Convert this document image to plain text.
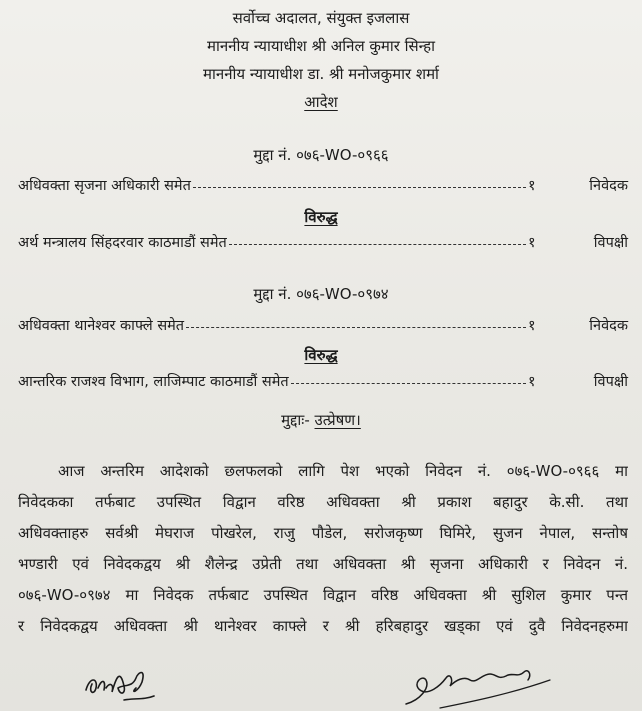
सर्वोच्च अदालत, संयुक्त इजलास
माननीय न्यायाधीश श्री अनिल कुमार सिन्हा
माननीय न्यायाधीश डा. श्री मनोजकुमार शर्मा
आदेश
मुद्दा नं. ०७६-WO-०९६६
अधिवक्ता सृजना अधिकारी समेत	१	निवेदक
विरुद्ध
अर्थ मन्त्रालय सिंहदरवार काठमाडौं समेत	१	विपक्षी
मुद्दा नं. ०७६-WO-०९७४
अधिवक्ता थानेश्वर काफ्ले समेत	१	निवेदक
विरुद्ध
आन्तरिक राजश्व विभाग, लाजिम्पाट काठमाडौं समेत	१	विपक्षी
मुद्दाः- उत्प्रेषण।
आज अन्तरिम आदेशको छलफलको लागि पेश भएको निवेदन नं. ०७६-WO-०९६६ मा
निवेदकका तर्फबाट उपस्थित विद्वान वरिष्ठ अधिवक्ता श्री प्रकाश बहादुर के.सी. तथा
अधिवक्ताहरु सर्वश्री मेघराज पोखरेल, राजु पौडेल, सरोजकृष्ण घिमिरे, सुजन नेपाल, सन्तोष
भण्डारी एवं निवेदकद्वय श्री शैलेन्द्र उप्रेती तथा अधिवक्ता श्री सृजना अधिकारी र निवेदन नं.
०७६-WO-०९७४ मा निवेदक तर्फबाट उपस्थित विद्वान वरिष्ठ अधिवक्ता श्री सुशिल कुमार पन्त
र निवेदकद्वय अधिवक्ता श्री थानेश्वर काफ्ले र श्री हरिबहादुर खड्का एवं दुवै निवेदनहरुमा
